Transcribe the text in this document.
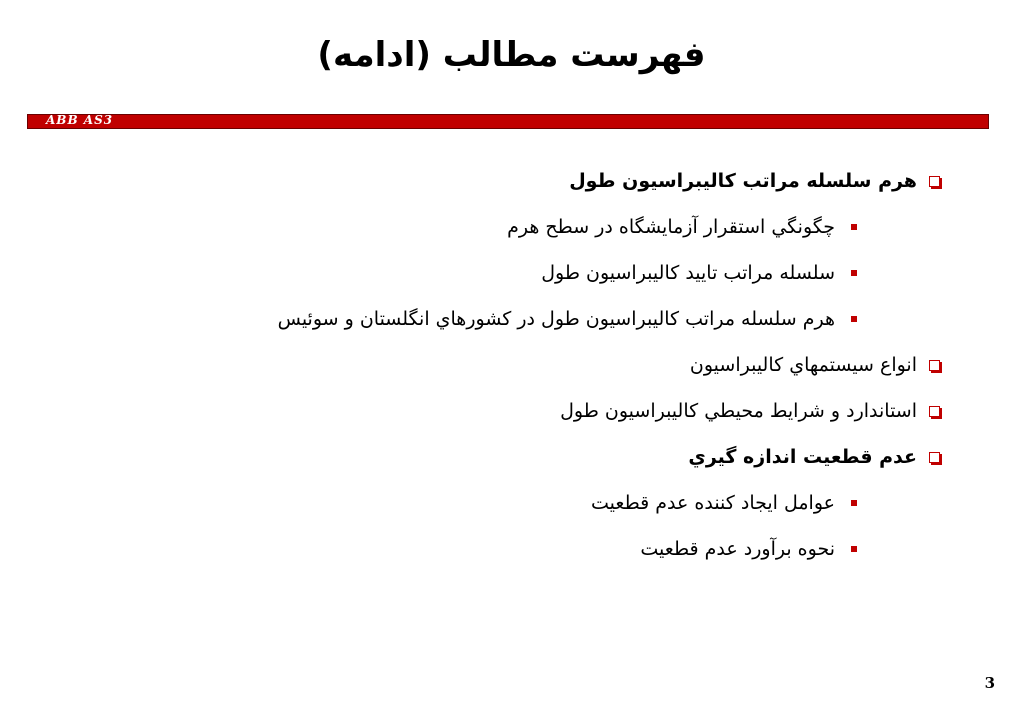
فهرست مطالب (ادامه)
ABB AS3
هرم سلسله مراتب كاليبراسيون طول
چگونگي استقرار آزمايشگاه در سطح هرم
سلسله مراتب تاييد كاليبراسيون طول
هرم سلسله مراتب كاليبراسيون طول در كشورهاي انگلستان و سوئيس
انواع سيستمهاي كاليبراسيون
استاندارد و شرايط محيطي كاليبراسيون طول
عدم قطعيت اندازه گيري
عوامل ايجاد كننده عدم قطعيت
نحوه برآورد عدم قطعيت
3
